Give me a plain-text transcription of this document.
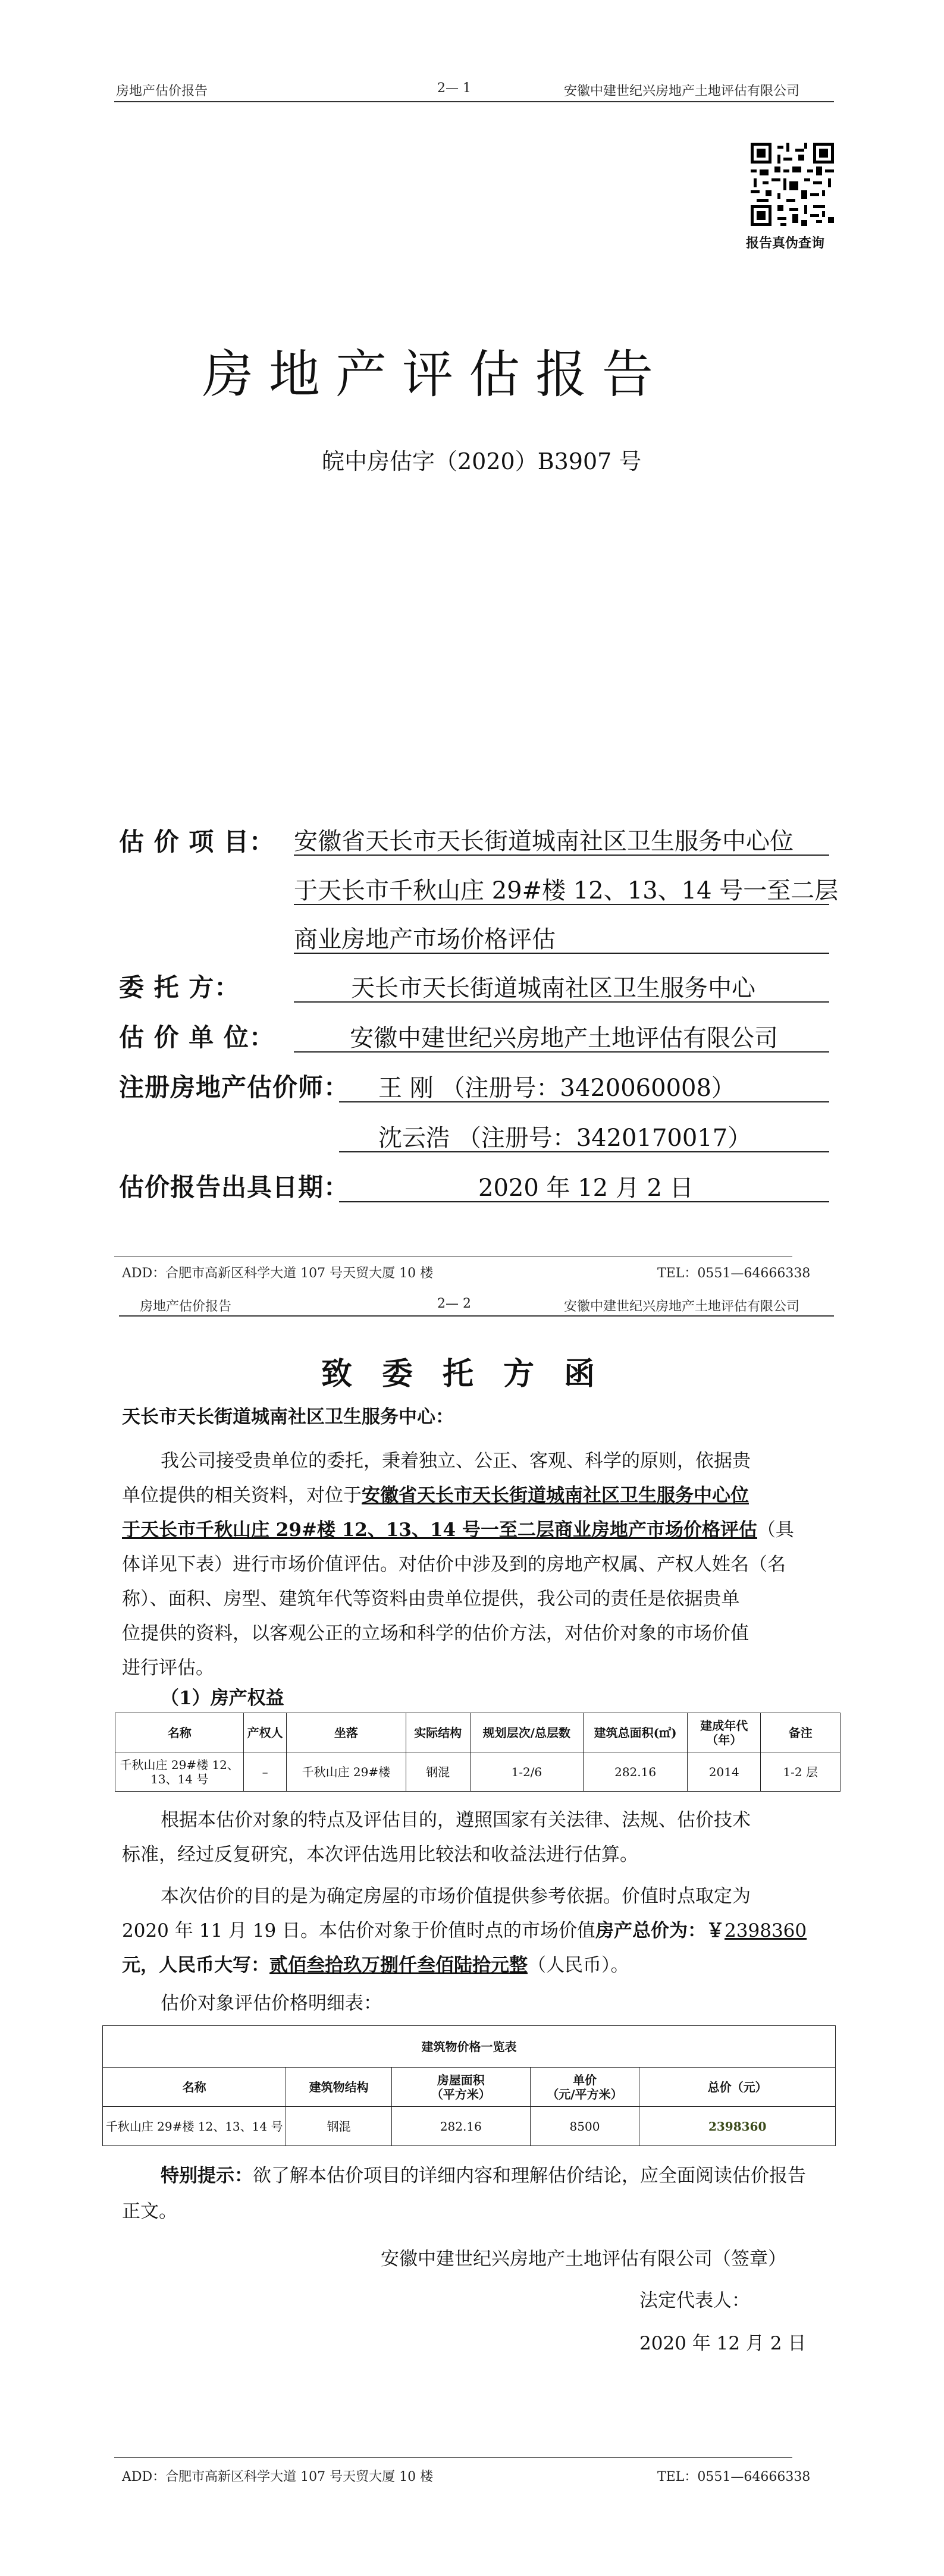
房地产估价报告	2— 1	安徽中建世纪兴房地产土地评估有限公司
报告真伪查询
房地产评估报告
皖中房估字（2020）B3907 号
估 价 项 目： 安徽省天长市天长街道城南社区卫生服务中心位
于天长市千秋山庄 29#楼 12、13、14 号一至二层
商业房地产市场价格评估
委 托 方：	天长市天长街道城南社区卫生服务中心
估 价 单 位：	安徽中建世纪兴房地产土地评估有限公司
注册房地产估价师： 王 刚 （注册号：3420060008）
沈云浩 （注册号：3420170017）
估价报告出具日期：	2020 年 12 月 2 日
ADD：合肥市高新区科学大道 107 号天贸大厦 10 楼	TEL：0551—64666338
房地产估价报告	2— 2	安徽中建世纪兴房地产土地评估有限公司
致委托方函
天长市天长街道城南社区卫生服务中心：
我公司接受贵单位的委托，秉着独立、公正、客观、科学的原则，依据贵
单位提供的相关资料，对位于安徽省天长市天长街道城南社区卫生服务中心位
于天长市千秋山庄 29#楼 12、13、14 号一至二层商业房地产市场价格评估（具
体详见下表）进行市场价值评估。对估价中涉及到的房地产权属、产权人姓名（名
称）、面积、房型、建筑年代等资料由贵单位提供，我公司的责任是依据贵单
位提供的资料，以客观公正的立场和科学的估价方法，对估价对象的市场价值
进行评估。
（1）房产权益
名称	产权人	坐落	实际结构	规划层次/总层数	建筑总面积(㎡)	建成年代（年）	备注
千秋山庄 29#楼 12、13、14 号	–	千秋山庄 29#楼	钢混	1-2/6	282.16	2014	1-2 层
根据本估价对象的特点及评估目的，遵照国家有关法律、法规、估价技术
标准，经过反复研究，本次评估选用比较法和收益法进行估算。
本次估价的目的是为确定房屋的市场价值提供参考依据。价值时点取定为
2020 年 11 月 19 日。本估价对象于价值时点的市场价值房产总价为：￥2398360
元，人民币大写：贰佰叁拾玖万捌仟叁佰陆拾元整（人民币）。
估价对象评估价格明细表：
建筑物价格一览表				
名称	建筑物结构	房屋面积
（平方米）	单价
（元/平方米）	总价（元）
千秋山庄 29#楼 12、13、14 号	钢混	282.16	8500	2398360
特别提示：欲了解本估价项目的详细内容和理解估价结论，应全面阅读估价报告
正文。
安徽中建世纪兴房地产土地评估有限公司（签章）
法定代表人：
2020 年 12 月 2 日
ADD：合肥市高新区科学大道 107 号天贸大厦 10 楼	TEL：0551—64666338
